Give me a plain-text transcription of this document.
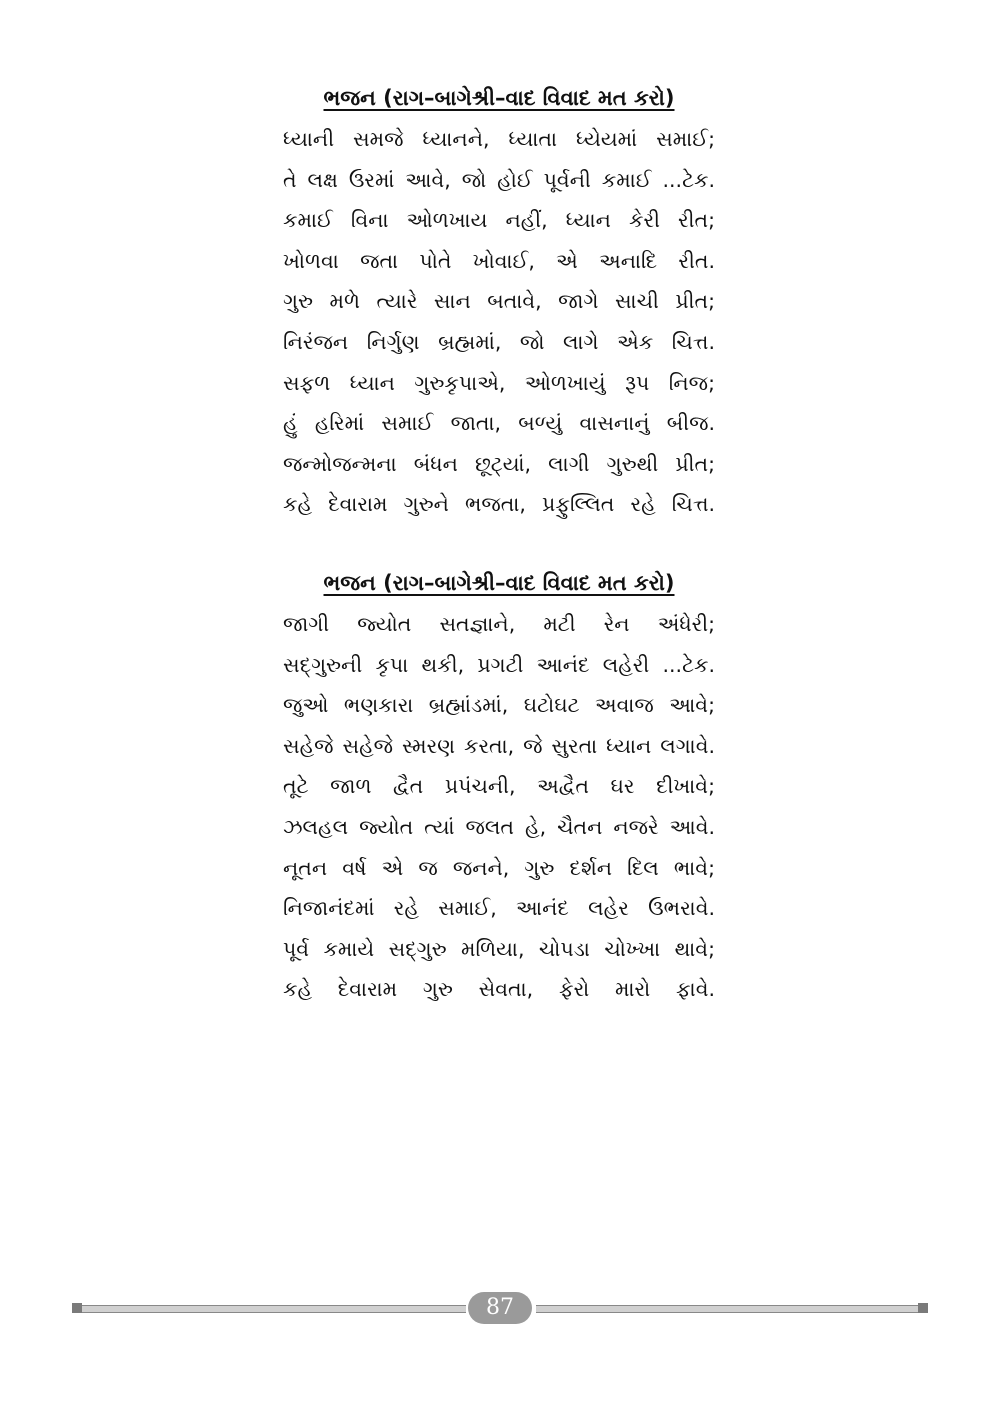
ભજન (રાગ–બાગેશ્રી–વાદ વિવાદ મત કરો)
ધ્યાની સમજે ધ્યાનને, ધ્યાતા ધ્યેયમાં સમાઈ;
તે લક્ષ ઉરમાં આવે, જો હોઈ પૂર્વની કમાઈ ...ટેક.
કમાઈ વિના ઓળખાય નહીં, ધ્યાન કેરી રીત;
ખોળવા જતા પોતે ખોવાઈ, એ અનાદિ રીત.
ગુરુ મળે ત્યારે સાન બતાવે, જાગે સાચી પ્રીત;
નિરંજન નિર્ગુણ બ્રહ્મમાં, જો લાગે એક ચિત્ત.
સફળ ધ્યાન ગુરુકૃપાએ, ઓળખાયું રૂપ નિજ;
હું હરિમાં સમાઈ જાતા, બળ્યું વાસનાનું બીજ.
જન્મોજન્મના બંધન છૂટ્યાં, લાગી ગુરુથી પ્રીત;
કહે દેવારામ ગુરુને ભજતા, પ્રફુલ્લિત રહે ચિત્ત.
ભજન (રાગ–બાગેશ્રી–વાદ વિવાદ મત કરો)
જાગી જ્યોત સતજ્ઞાને, મટી રેન અંધેરી;
સદ્‌ગુરુની કૃપા થકી, પ્રગટી આનંદ લહેરી ...ટેક.
જુઓ ભણકારા બ્રહ્માંડમાં, ઘટોઘટ અવાજ આવે;
સહેજે સહેજે સ્મરણ કરતા, જે સુરતા ધ્યાન લગાવે.
તૂટે જાળ દ્વૈત પ્રપંચની, અદ્વૈત ઘર દીખાવે;
ઝલહલ જ્યોત ત્યાં જલત હે, ચૈતન નજરે આવે.
નૂતન વર્ષ એ જ જનને, ગુરુ દર્શન દિલ ભાવે;
નિજાનંદમાં રહે સમાઈ, આનંદ લહેર ઉભરાવે.
પૂર્વ કમાયે સદ્‌ગુરુ મળિયા, ચોપડા ચોખ્ખા થાવે;
કહે દેવારામ ગુરુ સેવતા, ફેરો મારો ફાવે.
87
